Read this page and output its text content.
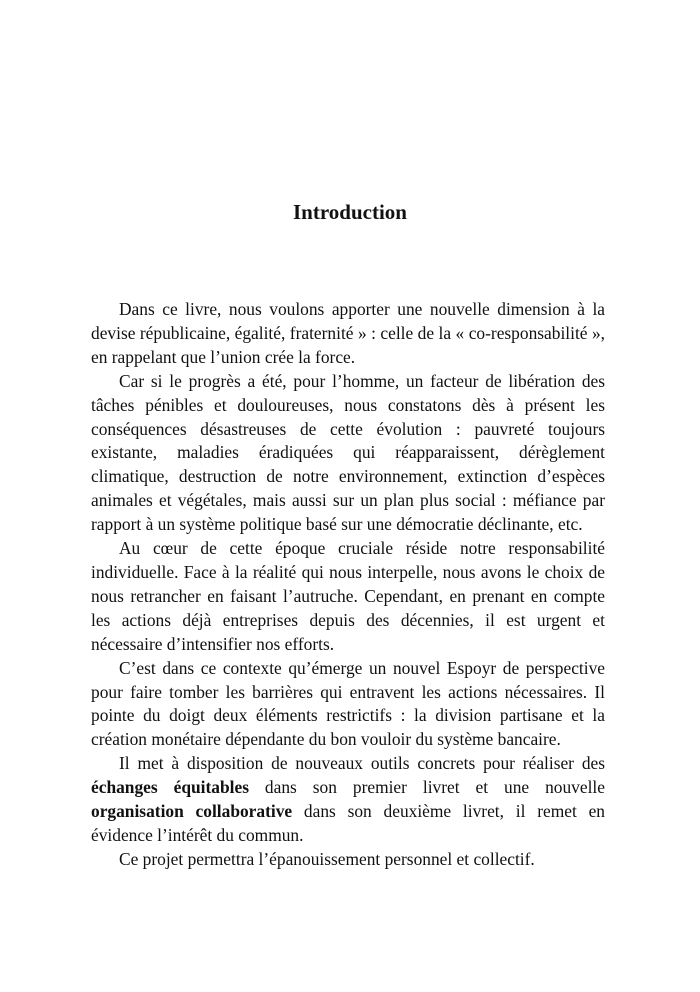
Introduction

Dans ce livre, nous voulons apporter une nouvelle dimension à la devise républicaine, égalité, fraternité » : celle de la « co-responsabilité », en rappelant que l’union crée la force.

Car si le progrès a été, pour l’homme, un facteur de libération des tâches pénibles et douloureuses, nous constatons dès à présent les conséquences désastreuses de cette évolution : pauvreté toujours existante, maladies éradiquées qui réapparaissent, dérèglement climatique, destruction de notre environnement, extinction d’espèces animales et végétales, mais aussi sur un plan plus social : méfiance par rapport à un système politique basé sur une démocratie déclinante, etc.

Au cœur de cette époque cruciale réside notre responsabilité individuelle. Face à la réalité qui nous interpelle, nous avons le choix de nous retrancher en faisant l’autruche. Cependant, en prenant en compte les actions déjà entreprises depuis des décennies, il est urgent et nécessaire d’intensifier nos efforts.

C’est dans ce contexte qu’émerge un nouvel Espoyr de perspective pour faire tomber les barrières qui entravent les actions nécessaires. Il pointe du doigt deux éléments restrictifs : la division partisane et la création monétaire dépendante du bon vouloir du système bancaire.

Il met à disposition de nouveaux outils concrets pour réaliser des échanges équitables dans son premier livret et une nouvelle organisation collaborative dans son deuxième livret, il remet en évidence l’intérêt du commun.

Ce projet permettra l’épanouissement personnel et collectif.
